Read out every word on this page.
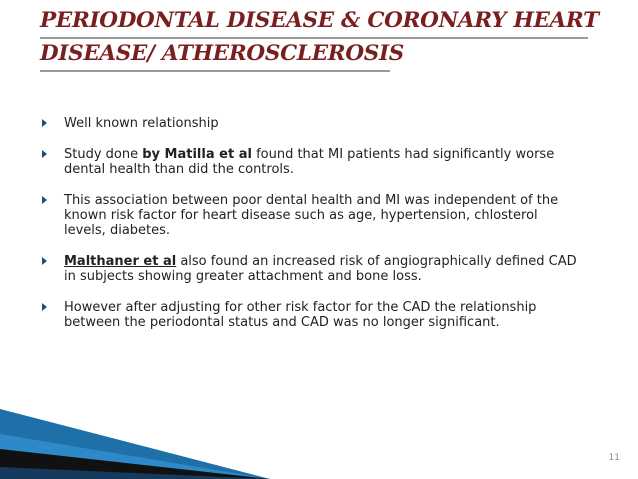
PERIODONTAL DISEASE & CORONARY HEART
DISEASE/ ATHEROSCLEROSIS
Well known relationship
Study done by Matilla et al found that MI patients had significantly worse dental health than did the controls.
This association between poor dental health and MI was independent of the known risk factor for heart disease such as age, hypertension, chlosterol levels, diabetes.
Malthaner et al also found an increased risk of angiographically defined CAD in subjects showing greater attachment and bone loss.
However after adjusting for other risk factor for the CAD the relationship between the periodontal status and CAD was no longer significant.
11
